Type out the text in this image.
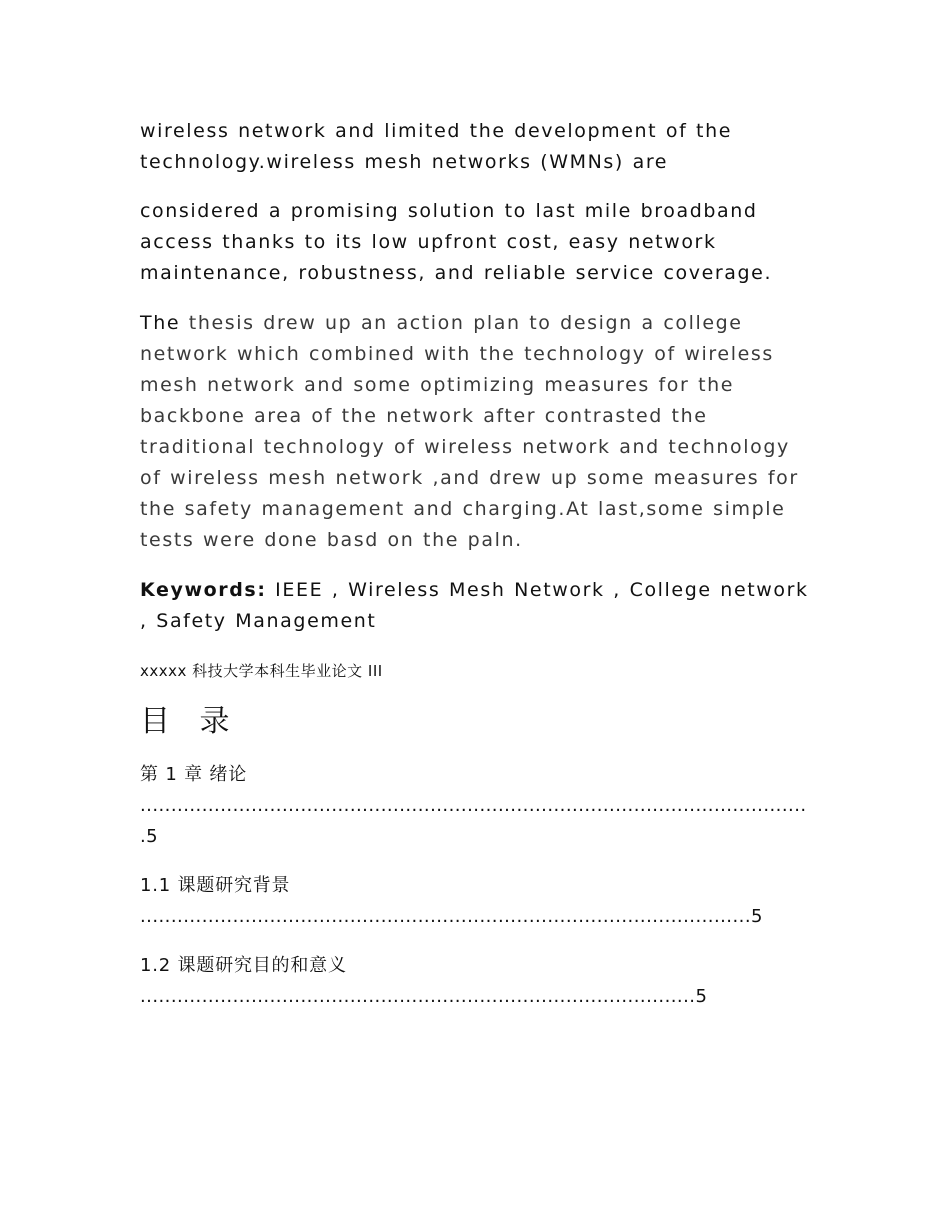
wireless network and limited the development of the technology.wireless mesh networks (WMNs) are

considered a promising solution to last mile broadband access thanks to its low upfront cost, easy network maintenance, robustness, and reliable service coverage.

The thesis drew up an action plan to design a college network which combined with the technology of wireless mesh network and some optimizing measures for the backbone area of the network after contrasted the traditional technology of wireless network and technology of wireless mesh network ,and drew up some measures for the safety management and charging.At last,some simple tests were done basd on the paln.

Keywords: IEEE , Wireless Mesh Network , College network , Safety Management

xxxxx 科技大学本科生毕业论文 III

目 录
第 1 章 绪论
.............................................................................................................5
1.1 课题研究背景
...................................................................................................5
1.2 课题研究目的和意义
..........................................................................................5
